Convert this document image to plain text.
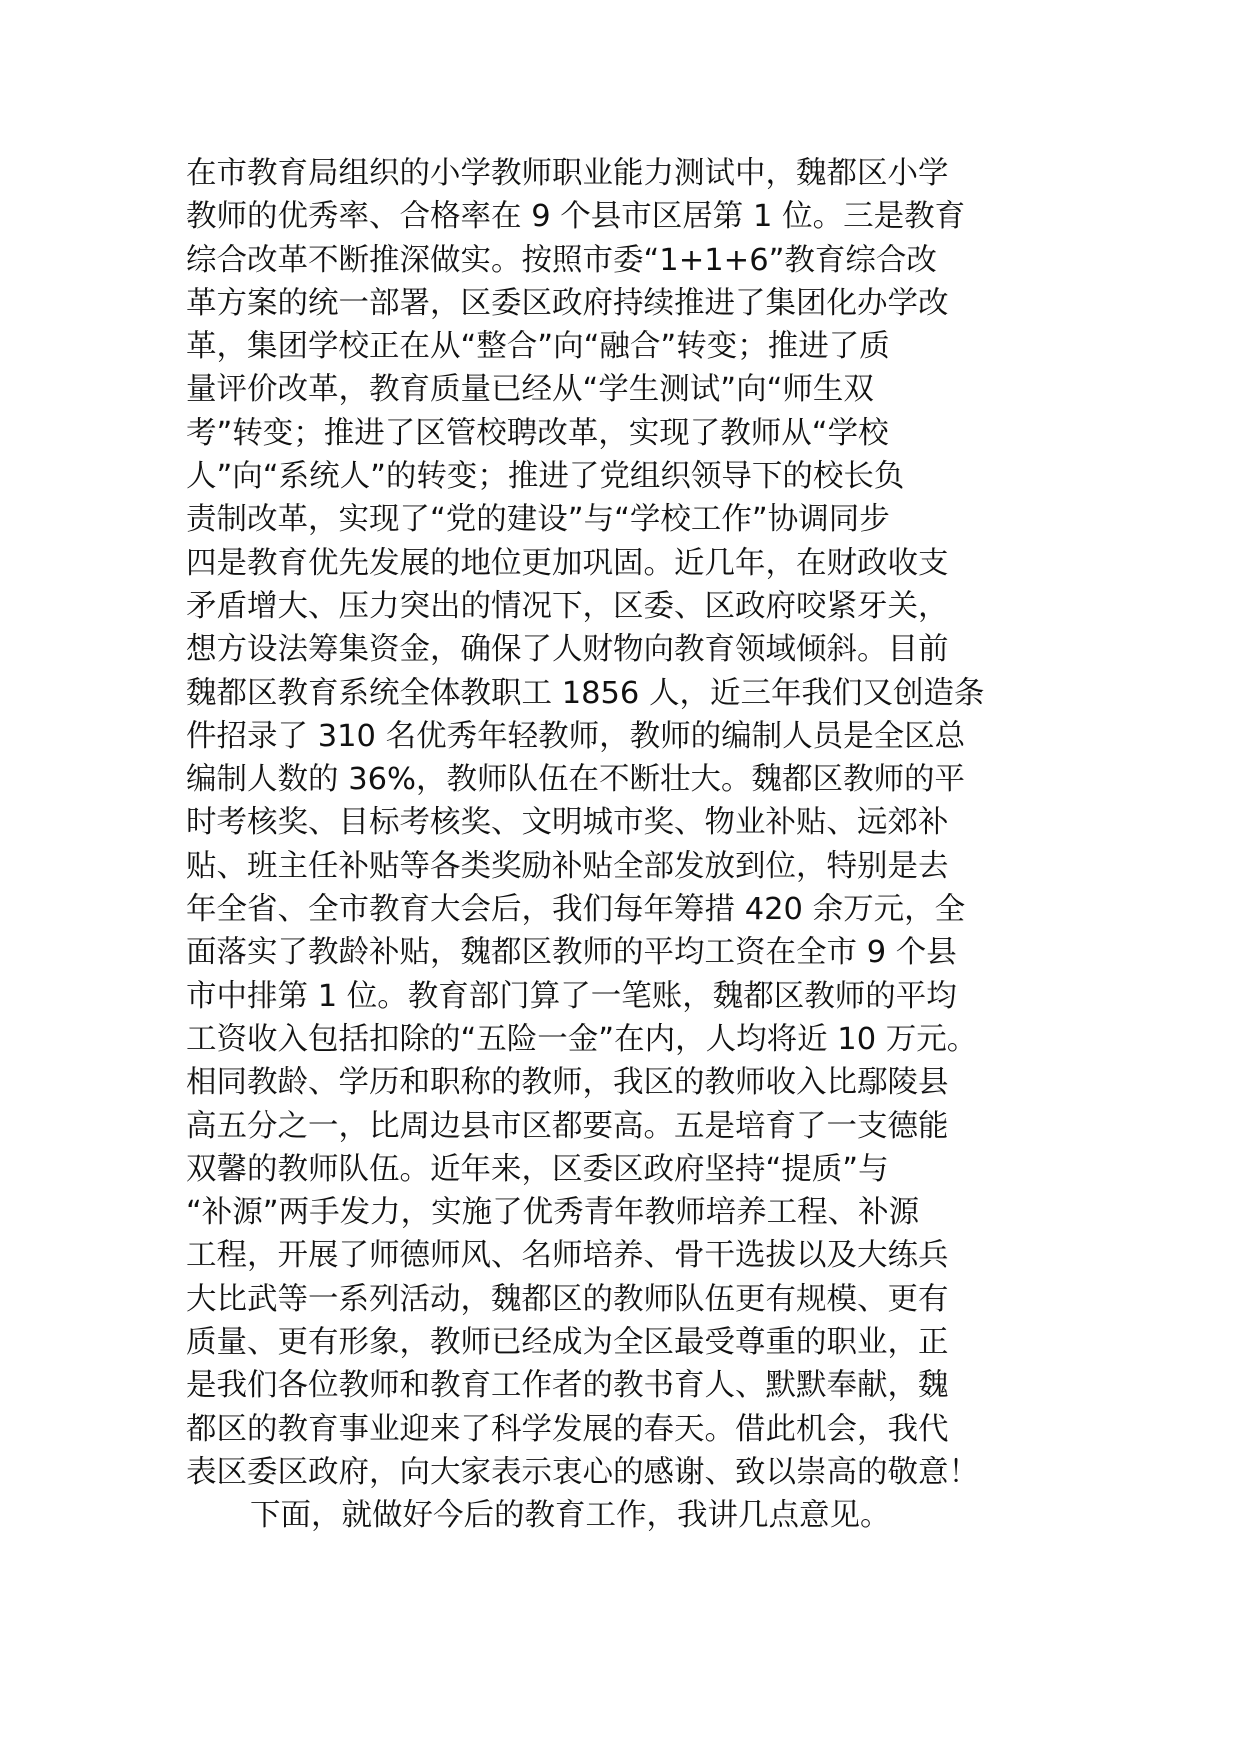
在市教育局组织的小学教师职业能力测试中，魏都区小学
教师的优秀率、合格率在 9 个县市区居第 1 位。三是教育
综合改革不断推深做实。按照市委“1+1+6”教育综合改
革方案的统一部署，区委区政府持续推进了集团化办学改
革，集团学校正在从“整合”向“融合”转变；推进了质
量评价改革，教育质量已经从“学生测试”向“师生双
考”转变；推进了区管校聘改革，实现了教师从“学校
人”向“系统人”的转变；推进了党组织领导下的校长负
责制改革，实现了“党的建设”与“学校工作”协调同步
四是教育优先发展的地位更加巩固。近几年，在财政收支
矛盾增大、压力突出的情况下，区委、区政府咬紧牙关，
想方设法筹集资金，确保了人财物向教育领域倾斜。目前
魏都区教育系统全体教职工 1856 人，近三年我们又创造条
件招录了 310 名优秀年轻教师，教师的编制人员是全区总
编制人数的 36%，教师队伍在不断壮大。魏都区教师的平
时考核奖、目标考核奖、文明城市奖、物业补贴、远郊补
贴、班主任补贴等各类奖励补贴全部发放到位，特别是去
年全省、全市教育大会后，我们每年筹措 420 余万元，全
面落实了教龄补贴，魏都区教师的平均工资在全市 9 个县
市中排第 1 位。教育部门算了一笔账，魏都区教师的平均
工资收入包括扣除的“五险一金”在内，人均将近 10 万元。
相同教龄、学历和职称的教师，我区的教师收入比鄢陵县
高五分之一，比周边县市区都要高。五是培育了一支德能
双馨的教师队伍。近年来，区委区政府坚持“提质”与
“补源”两手发力，实施了优秀青年教师培养工程、补源
工程，开展了师德师风、名师培养、骨干选拔以及大练兵
大比武等一系列活动，魏都区的教师队伍更有规模、更有
质量、更有形象，教师已经成为全区最受尊重的职业，正
是我们各位教师和教育工作者的教书育人、默默奉献，魏
都区的教育事业迎来了科学发展的春天。借此机会，我代
表区委区政府，向大家表示衷心的感谢、致以崇高的敬意！
下面，就做好今后的教育工作，我讲几点意见。
